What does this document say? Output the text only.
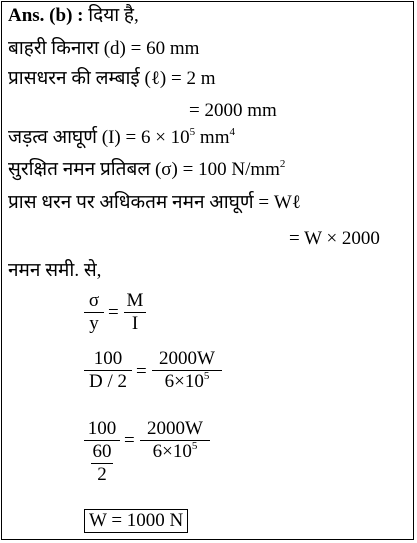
Ans. (b) : दिया है,
बाहरी किनारा (d) = 60 mm
प्रासधरन की लम्बाई (ℓ) = 2 m
= 2000 mm
जड़त्व आघूर्ण $(I) = 6 \times 10^5$ $mm^4$
सुरक्षित नमन प्रतिबल (σ) = 100 $N/mm^2$
प्रास धरन पर अधिकतम नमन आघूर्ण = Wℓ
= W × 2000
नमन समी. से,
σ
y
=
M
I
100
D / 2 =
2000W
$6\times 10^5$
100
60
2
=
2000W
$6\times 10^5$
W = 1000 N
